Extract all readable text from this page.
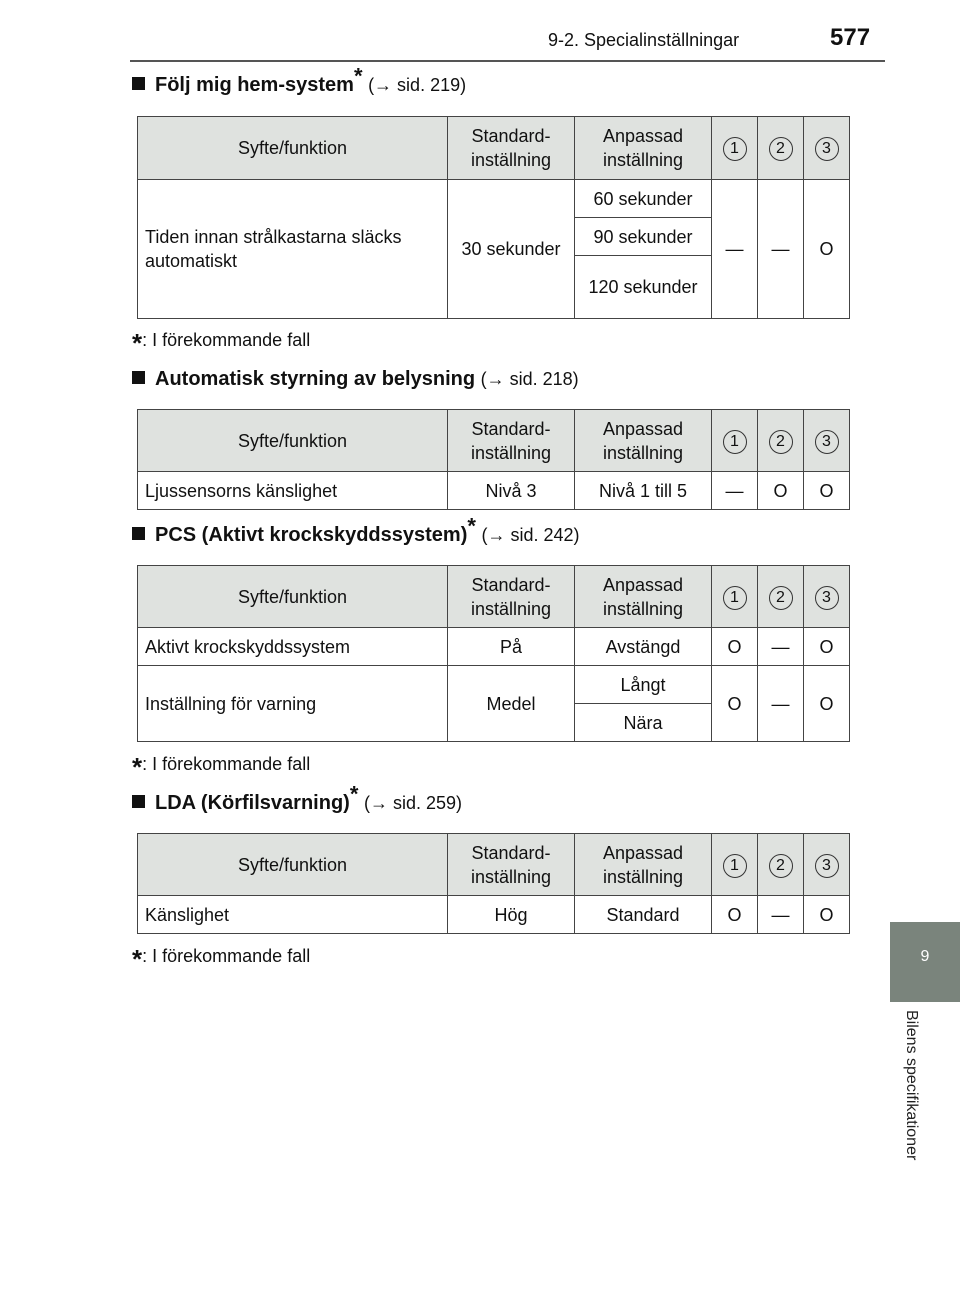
9-2. Specialinställningar	577
9
Bilens specifikationer
Följ mig hem-system* (→ sid. 219)
Syfte/funktion	Standard-inställning	Anpassad inställning	1	2	3
Tiden innan strålkastarna släcks automatiskt	30 sekunder	60 sekunder	—	—	O
		90 sekunder			
		120 sekunder			
*: I förekommande fall
Automatisk styrning av belysning (→ sid. 218)
Syfte/funktion	Standard-inställning	Anpassad inställning	1	2	3
Ljussensorns känslighet	Nivå 3	Nivå 1 till 5	—	O	O
PCS (Aktivt krockskyddssystem)* (→ sid. 242)
Syfte/funktion	Standard-inställning	Anpassad inställning	1	2	3
Aktivt krockskyddssystem	På	Avstängd	O	—	O
Inställning för varning	Medel	Långt	O	—	O
		Nära			
*: I förekommande fall
LDA (Körfilsvarning)* (→ sid. 259)
Syfte/funktion	Standard-inställning	Anpassad inställning	1	2	3
Känslighet	Hög	Standard	O	—	O
*: I förekommande fall
